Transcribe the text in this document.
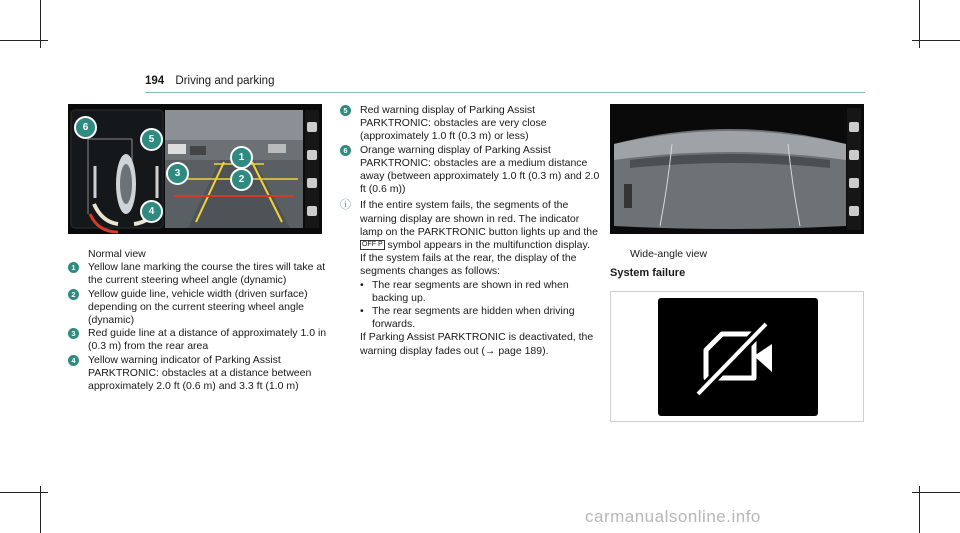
194 Driving and parking
1
2
3
4
5
6
Normal view
1	Yellow lane marking the course the tires will take at the current steering wheel angle (dynamic)
2	Yellow guide line, vehicle width (driven surface) depending on the current steering wheel angle (dynamic)
3	Red guide line at a distance of approximately 1.0 in (0.3 m) from the rear area
4	Yellow warning indicator of Parking Assist PARKTRONIC: obstacles at a distance between approximately 2.0 ft (0.6 m) and 3.3 ft (1.0 m)
5	Red warning display of Parking Assist PARKTRONIC: obstacles are very close (approximately 1.0 ft (0.3 m) or less)
6	Orange warning display of Parking Assist PARKTRONIC: obstacles are a medium distance away (between approximately 1.0 ft (0.3 m) and 2.0 ft (0.6 m))
ⓘ If the entire system fails, the segments of the warning display are shown in red. The indicator lamp on the PARKTRONIC button lights up and the OFF P symbol appears in the multifunction display.
If the system fails at the rear, the display of the segments changes as follows:
• The rear segments are shown in red when backing up.
• The rear segments are hidden when driving forwards.
If Parking Assist PARKTRONIC is deactivated, the warning display fades out (→ page 189).
Wide-angle view
System failure
carmanualsonline.info
